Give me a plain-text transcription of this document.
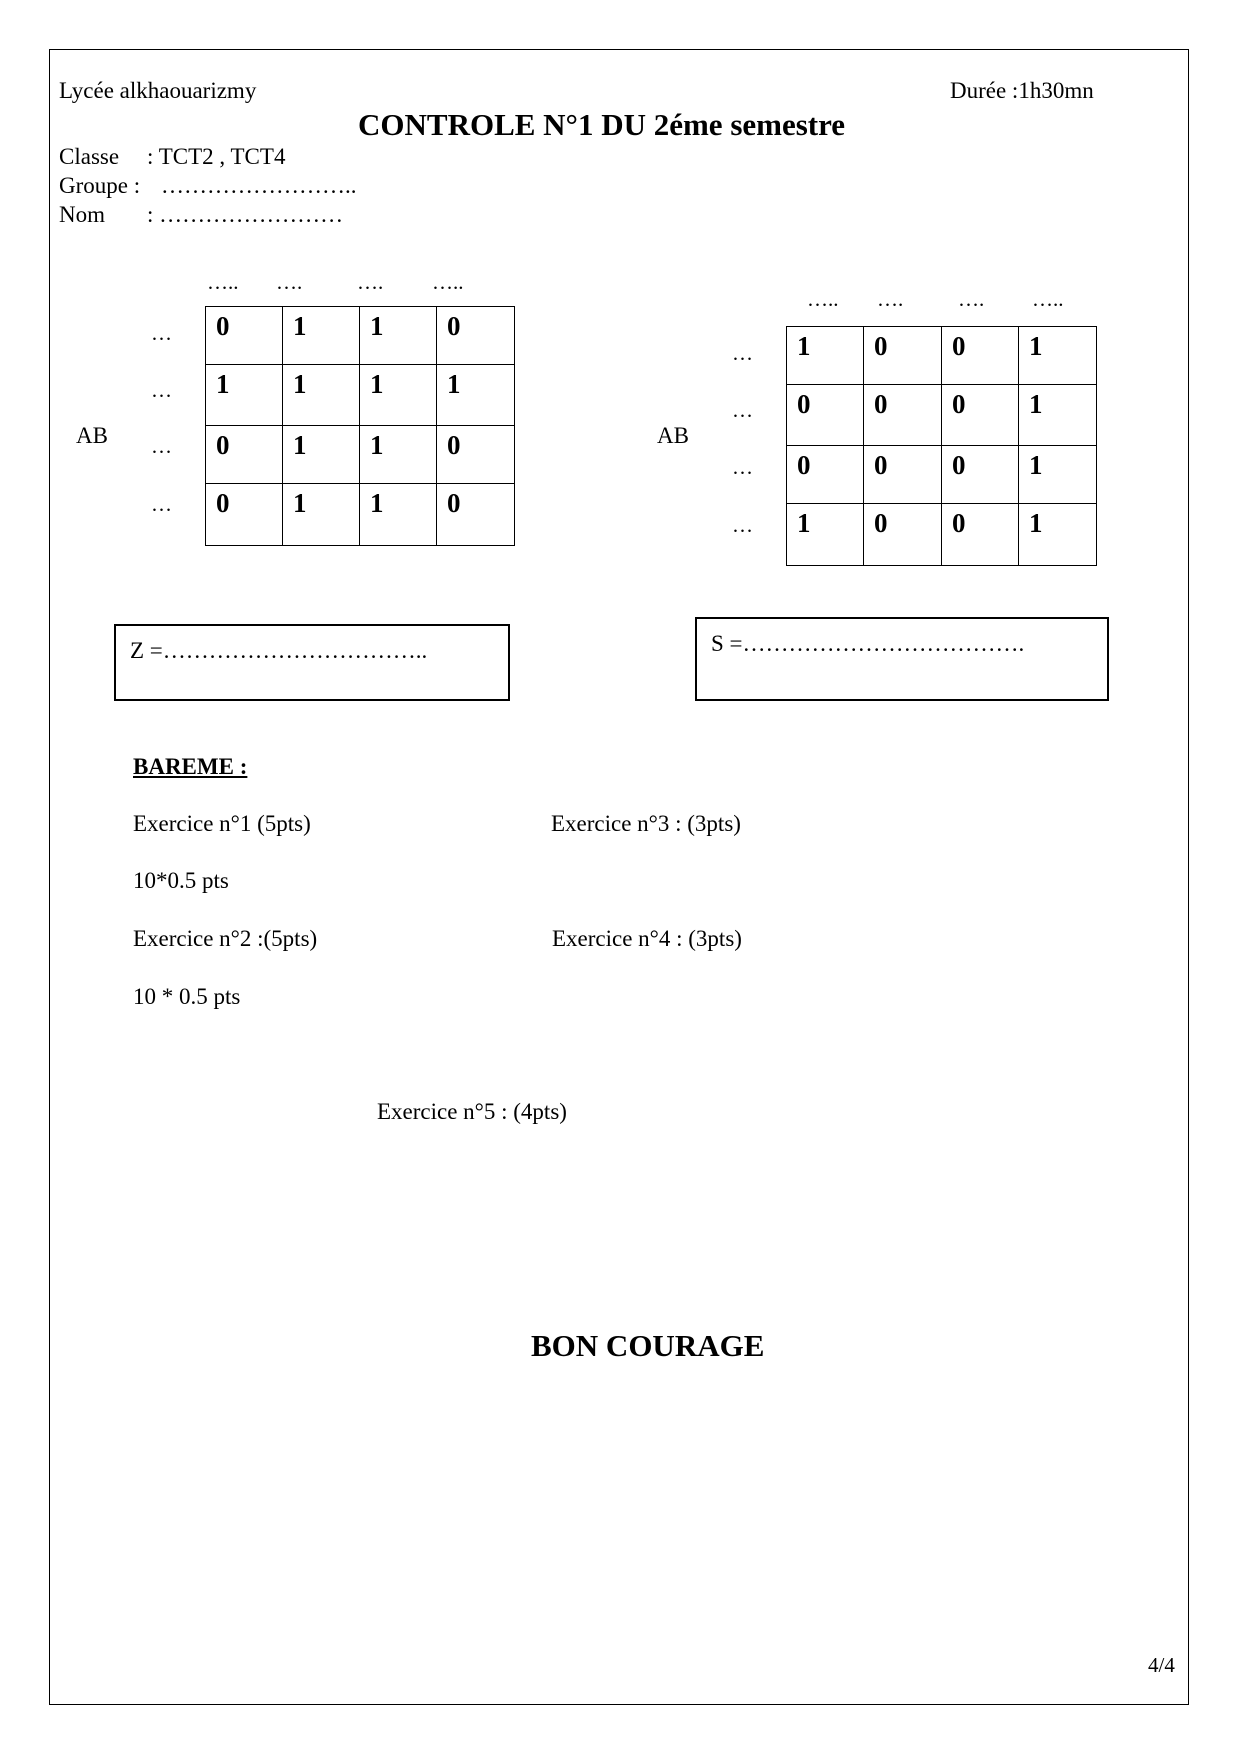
Lycée alkhaouarizmy	Durée :1h30mn
CONTROLE N°1 DU 2éme semestre
Classe : TCT2 , TCT4
Groupe : ……………………..
Nom : ……………………
….. ….	…. …..
…
…
…
…
AB
0	1	1	0

1	1	1	1

0	1	1	0

0	1	1	0
….. ….	…. …..
…
…
…
…
AB
1	0	0	1

0	0	0	1

0	0	0	1

1	0	0	1
Z =……………………………..	S =……………………………….
BAREME :
Exercice n°1 (5pts)	Exercice n°3 : (3pts)
10*0.5 pts
Exercice n°2 :(5pts)	Exercice n°4 : (3pts)
10 * 0.5 pts
Exercice n°5 : (4pts)
BON COURAGE
4/4
